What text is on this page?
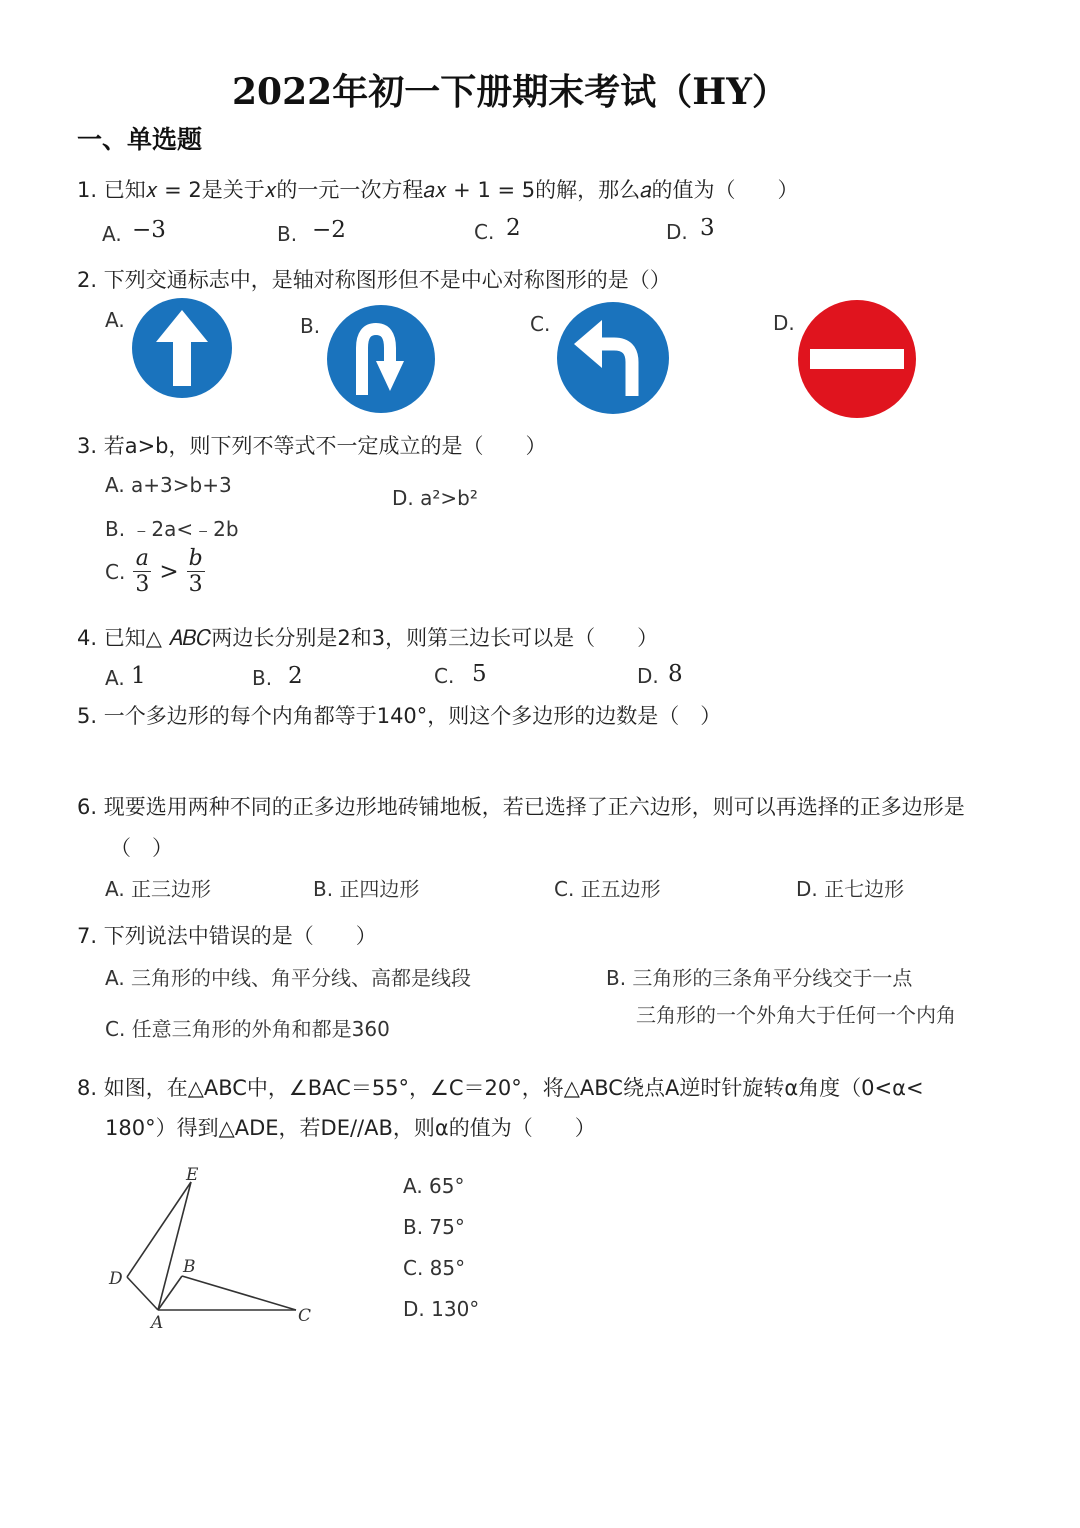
2022年初一下册期末考试（HY）
一、单选题
1. 已知𝑥 = 2是关于𝑥的一元一次方程𝑎𝑥 + 1 = 5的解，那么𝑎的值为（　　）
A. −3	B. −2	C. 2	D. 3
2. 下列交通标志中，是轴对称图形但不是中心对称图形的是（）
A.	B.	C.	D.
3. 若a>b，则下列不等式不一定成立的是（　　）
A. a+3>b+3
B. ﹣2a<﹣2b
D. a²>b²
C. $\frac{a}{3} > \frac{b}{3}$
4. 已知△ 𝐴𝐵𝐶两边长分别是2和3，则第三边长可以是（　　）
A. 1	B. 2	C. 5	D. 8
5. 一个多边形的每个内角都等于140°，则这个多边形的边数是（　）
6. 现要选用两种不同的正多边形地砖铺地板，若已选择了正六边形，则可以再选择的正多边形是
（　）
A. 正三边形	B. 正四边形	C. 正五边形	D. 正七边形
7. 下列说法中错误的是（　　）
A. 三角形的中线、角平分线、高都是线段	B. 三角形的三条角平分线交于一点
三角形的一个外角大于任何一个内角
C. 任意三角形的外角和都是360
8. 如图，在△ABC中，∠BAC＝55°，∠C＝20°，将△ABC绕点A逆时针旋转α角度（0<α<
180°）得到△ADE，若DE//AB，则α的值为（　　）
A. 65°
B. 75°
C. 85°
D. 130°
E
D
B
A	C
